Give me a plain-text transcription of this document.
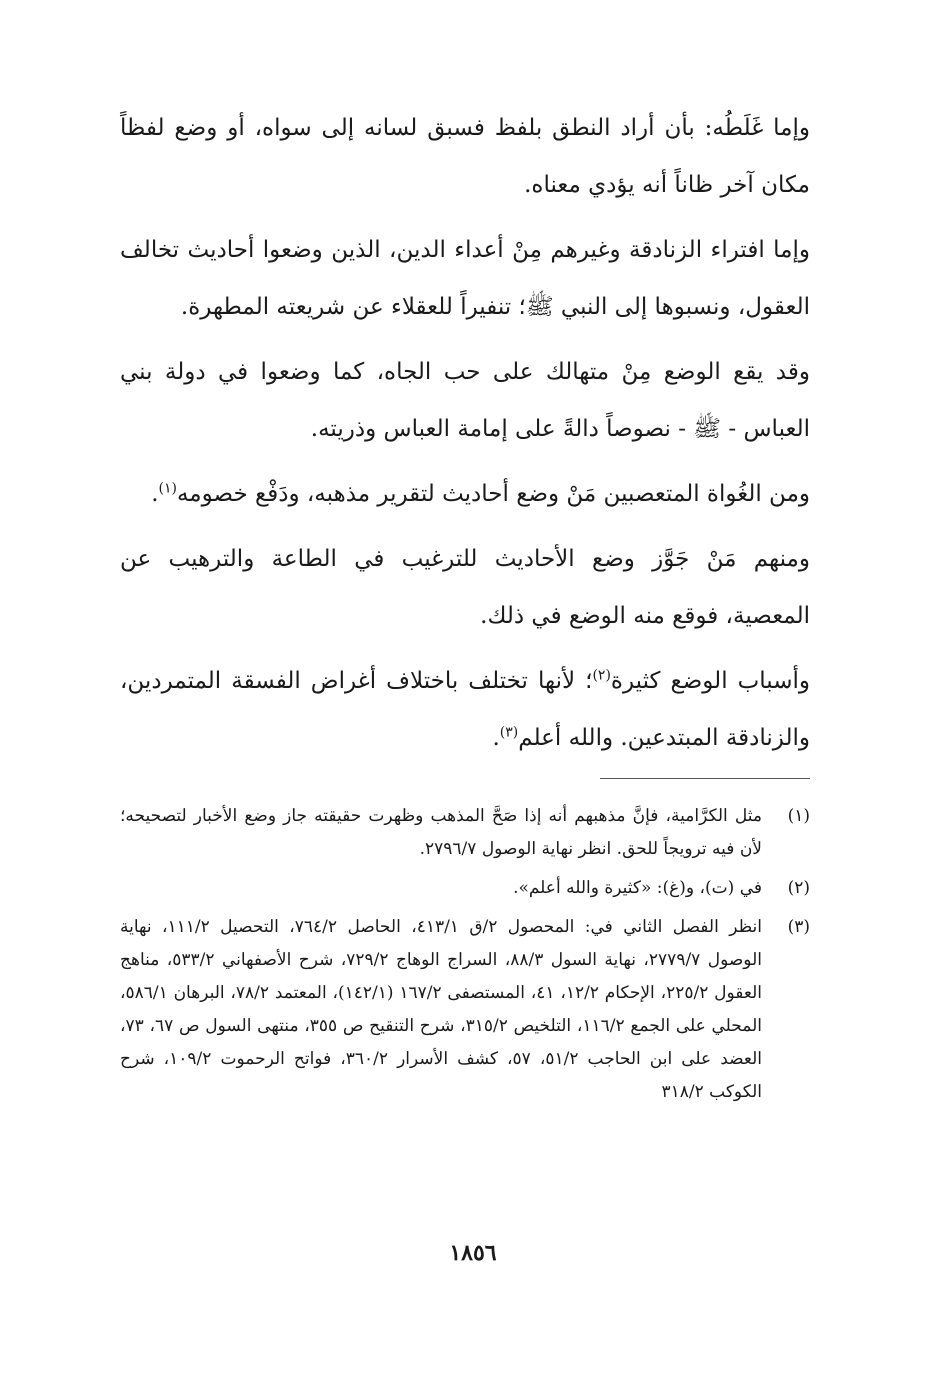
وإما غَلَطُه: بأن أراد النطق بلفظ فسبق لسانه إلى سواه، أو وضع لفظاً مكان آخر ظاناً أنه يؤدي معناه.

وإما افتراء الزنادقة وغيرهم مِنْ أعداء الدين، الذين وضعوا أحاديث تخالف العقول، ونسبوها إلى النبي ﷺ؛ تنفيراً للعقلاء عن شريعته المطهرة.

وقد يقع الوضع مِنْ متهالك على حب الجاه، كما وضعوا في دولة بني العباس - ﷺ - نصوصاً دالةً على إمامة العباس وذريته.

ومن الغُواة المتعصبين مَنْ وضع أحاديث لتقرير مذهبه، ودَفْع خصومه$^{(١)}$.

ومنهم مَنْ جَوَّز وضع الأحاديث للترغيب في الطاعة والترهيب عن المعصية، فوقع منه الوضع في ذلك.

وأسباب الوضع كثيرة$^{(٢)}$؛ لأنها تختلف باختلاف أغراض الفسقة المتمردين، والزنادقة المبتدعين. والله أعلم$^{(٣)}$.

(١)
مثل الكرَّامية، فإنَّ مذهبهم أنه إذا صَحَّ المذهب وظهرت حقيقته جاز وضع الأخبار لتصحيحه؛ لأن فيه ترويجاً للحق. انظر نهاية الوصول ٢٧٩٦/٧.
(٢)
في (ت)، و(غ): «كثيرة والله أعلم».
(٣)
انظر الفصل الثاني في: المحصول ٢/ق ٤١٣/١، الحاصل ٧٦٤/٢، التحصيل ١١١/٢، نهاية الوصول ٢٧٧٩/٧، نهاية السول ٨٨/٣، السراج الوهاج ٧٢٩/٢، شرح الأصفهاني ٥٣٣/٢، مناهج العقول ٢٢٥/٢، الإحكام ١٢/٢، ٤١، المستصفى ١٦٧/٢ (١٤٢/١)، المعتمد ٧٨/٢، البرهان ٥٨٦/١، المحلي على الجمع ١١٦/٢، التلخيص ٣١٥/٢، شرح التنقيح ص ٣٥٥، منتهى السول ص ٦٧، ٧٣، العضد على ابن الحاجب ٥١/٢، ٥٧، كشف الأسرار ٣٦٠/٢، فواتح الرحموت ١٠٩/٢، شرح الكوكب ٣١٨/٢
١٨٥٦
